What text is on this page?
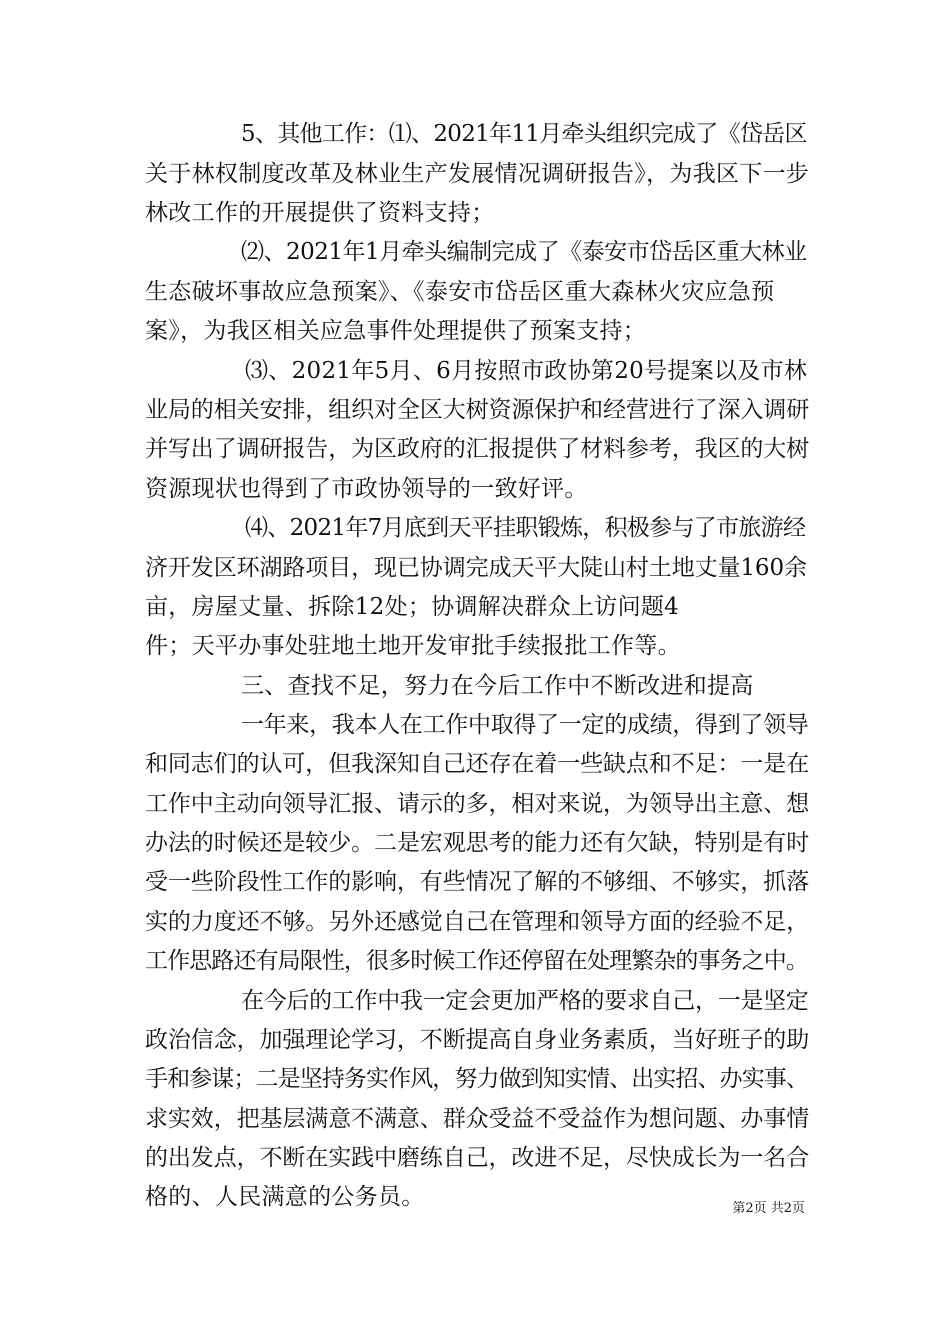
5、其他工作：⑴、2021年11月牵头组织完成了《岱岳区
关于林权制度改革及林业生产发展情况调研报告》，为我区下一步
林改工作的开展提供了资料支持；
⑵、2021年1月牵头编制完成了《泰安市岱岳区重大林业
生态破坏事故应急预案》、《泰安市岱岳区重大森林火灾应急预
案》，为我区相关应急事件处理提供了预案支持；
⑶、2021年5月、6月按照市政协第20号提案以及市林
业局的相关安排，组织对全区大树资源保护和经营进行了深入调研
并写出了调研报告，为区政府的汇报提供了材料参考，我区的大树
资源现状也得到了市政协领导的一致好评。
⑷、2021年7月底到天平挂职锻炼，积极参与了市旅游经
济开发区环湖路项目，现已协调完成天平大陡山村土地丈量160余
亩，房屋丈量、拆除12处；协调解决群众上访问题4
件；天平办事处驻地土地开发审批手续报批工作等。
三、查找不足，努力在今后工作中不断改进和提高
一年来，我本人在工作中取得了一定的成绩，得到了领导
和同志们的认可，但我深知自己还存在着一些缺点和不足：一是在
工作中主动向领导汇报、请示的多，相对来说，为领导出主意、想
办法的时候还是较少。二是宏观思考的能力还有欠缺，特别是有时
受一些阶段性工作的影响，有些情况了解的不够细、不够实，抓落
实的力度还不够。另外还感觉自己在管理和领导方面的经验不足，
工作思路还有局限性，很多时候工作还停留在处理繁杂的事务之中。
在今后的工作中我一定会更加严格的要求自己，一是坚定
政治信念，加强理论学习，不断提高自身业务素质，当好班子的助
手和参谋；二是坚持务实作风，努力做到知实情、出实招、办实事、
求实效，把基层满意不满意、群众受益不受益作为想问题、办事情
的出发点，不断在实践中磨练自己，改进不足，尽快成长为一名合
格的、人民满意的公务员。	第2页 共2页
